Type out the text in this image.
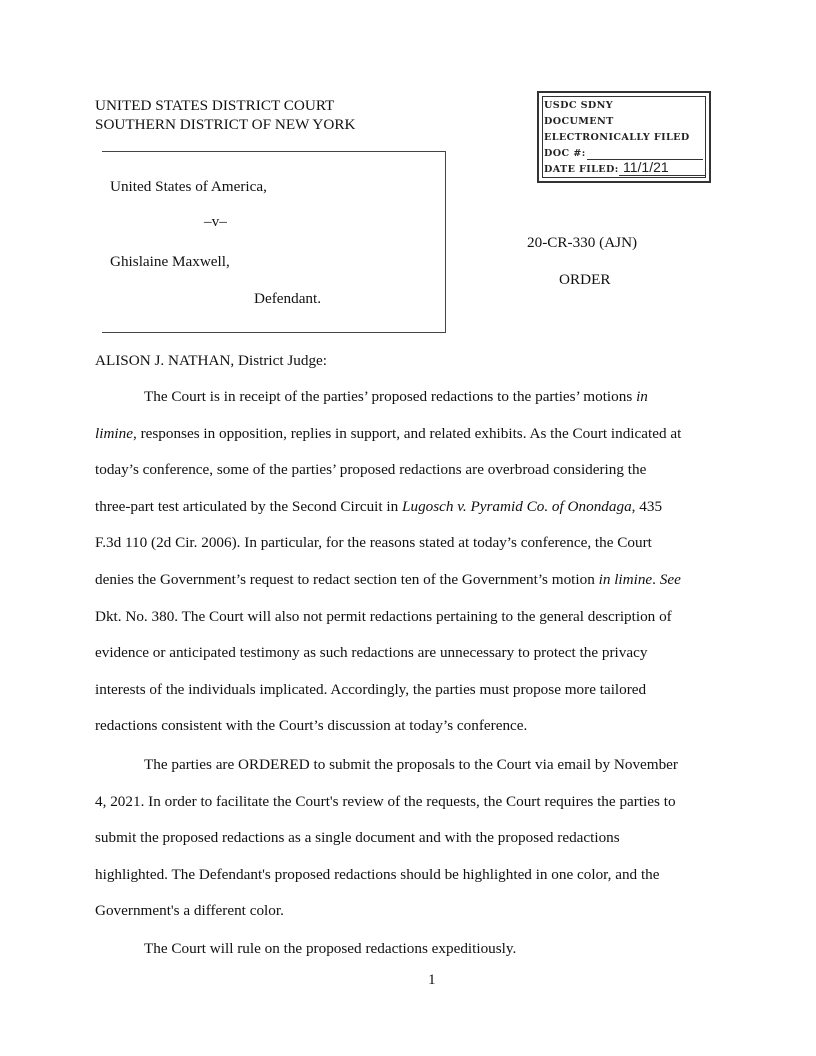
UNITED STATES DISTRICT COURT
SOUTHERN DISTRICT OF NEW YORK
USDC SDNY
DOCUMENT
ELECTRONICALLY FILED
DOC #:
DATE FILED: 11/1/21
United States of America,
–v–
Ghislaine Maxwell,
Defendant.
20-CR-330 (AJN)
ORDER
ALISON J. NATHAN, District Judge:
The Court is in receipt of the parties’ proposed redactions to the parties’ motions in
limine, responses in opposition, replies in support, and related exhibits. As the Court indicated at
today’s conference, some of the parties’ proposed redactions are overbroad considering the
three-part test articulated by the Second Circuit in Lugosch v. Pyramid Co. of Onondaga, 435
F.3d 110 (2d Cir. 2006). In particular, for the reasons stated at today’s conference, the Court
denies the Government’s request to redact section ten of the Government’s motion in limine. See
Dkt. No. 380. The Court will also not permit redactions pertaining to the general description of
evidence or anticipated testimony as such redactions are unnecessary to protect the privacy
interests of the individuals implicated. Accordingly, the parties must propose more tailored
redactions consistent with the Court’s discussion at today’s conference.
The parties are ORDERED to submit the proposals to the Court via email by November
4, 2021. In order to facilitate the Court's review of the requests, the Court requires the parties to
submit the proposed redactions as a single document and with the proposed redactions
highlighted. The Defendant's proposed redactions should be highlighted in one color, and the
Government's a different color.
The Court will rule on the proposed redactions expeditiously.
1
